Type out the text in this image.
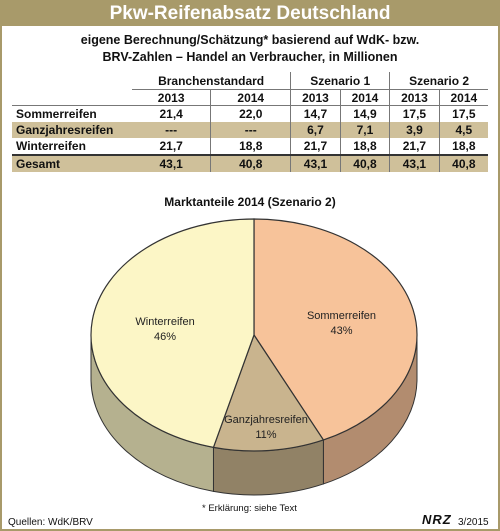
Pkw-Reifenabsatz Deutschland
eigene Berechnung/Schätzung* basierend auf WdK- bzw.
BRV-Zahlen – Handel an Verbraucher, in Millionen
	Branchenstandard		Szenario 1		Szenario 2	
	2013	2014	2013	2014	2013	2014
Sommerreifen	21,4	22,0	14,7	14,9	17,5	17,5
Ganzjahresreifen	---	---	6,7	7,1	3,9	4,5
Winterreifen	21,7	18,8	21,7	18,8	21,7	18,8
Gesamt	43,1	40,8	43,1	40,8	43,1	40,8
Marktanteile 2014 (Szenario 2)
Sommerreifen
43%
Ganzjahresreifen
11%
Winterreifen
46%
* Erklärung: siehe Text
Quellen: WdK/BRV	NRZ 3/2015
